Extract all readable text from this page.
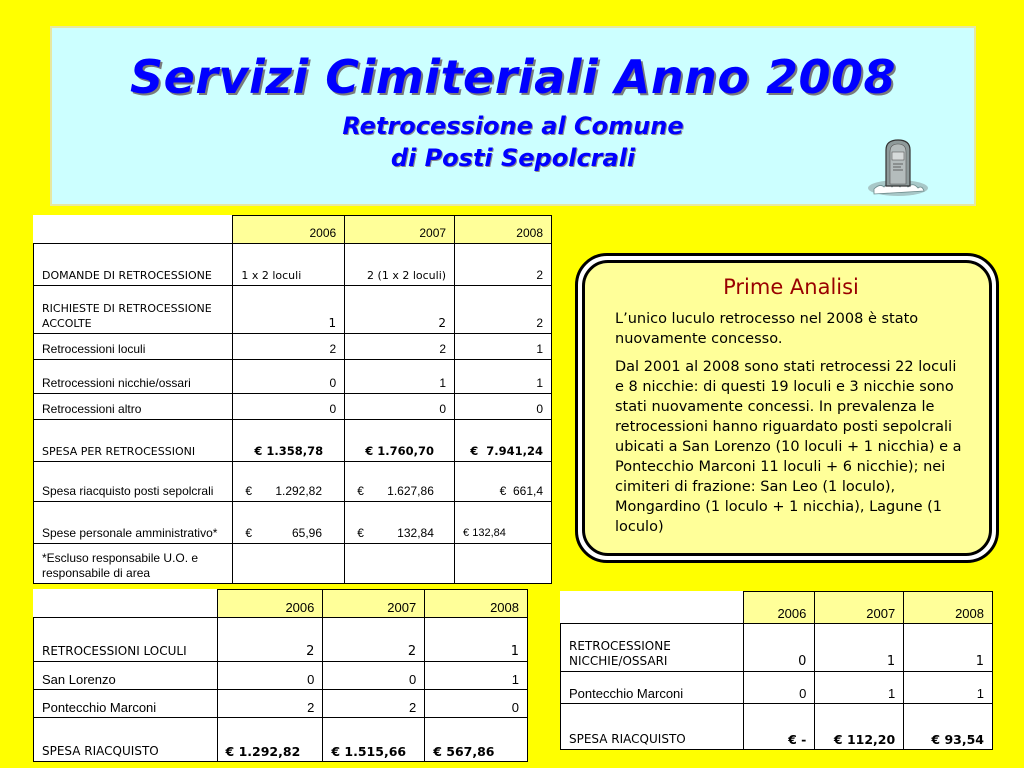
Servizi Cimiteriali Anno 2008
Retrocessione al Comune
di Posti Sepolcrali
	2006	2007	2008
DOMANDE DI RETROCESSIONE	1 x 2 loculi	2 (1 x 2 loculi)	2
RICHIESTE DI RETROCESSIONE ACCOLTE	1	2	2
Retrocessioni loculi	2	2	1
Retrocessioni nicchie/ossari	0	1	1
Retrocessioni altro	0	0	0
SPESA PER RETROCESSIONI	€ 1.358,78	€ 1.760,70	€  7.941,24
Spesa riacquisto posti sepolcrali	€ 1.292,82	€ 1.627,86	€  661,4
Spese personale amministrativo*	€ 65,96	€ 132,84	€ 132,84
*Escluso responsabile U.O. e responsabile di area			
Prime Analisi

L’unico luculo retrocesso nel 2008 è stato nuovamente concesso.

Dal 2001 al 2008 sono stati retrocessi 22 loculi e 8 nicchie: di questi 19 loculi e 3 nicchie sono stati nuovamente concessi. In prevalenza le retrocessioni hanno riguardato posti sepolcrali ubicati a San Lorenzo (10 loculi + 1 nicchia) e a Pontecchio Marconi 11 loculi + 6 nicchie); nei cimiteri di frazione: San Leo (1 loculo), Mongardino (1 loculo + 1 nicchia), Lagune (1 loculo)

	2006	2007	2008
RETROCESSIONI LOCULI	2	2	1
San Lorenzo	0	0	1
Pontecchio Marconi	2	2	0
SPESA RIACQUISTO	€ 1.292,82	€ 1.515,66	€ 567,86
	2006	2007	2008
RETROCESSIONE NICCHIE/OSSARI	0	1	1
Pontecchio Marconi	0	1	1
SPESA RIACQUISTO	€ -	€ 112,20	€ 93,54
